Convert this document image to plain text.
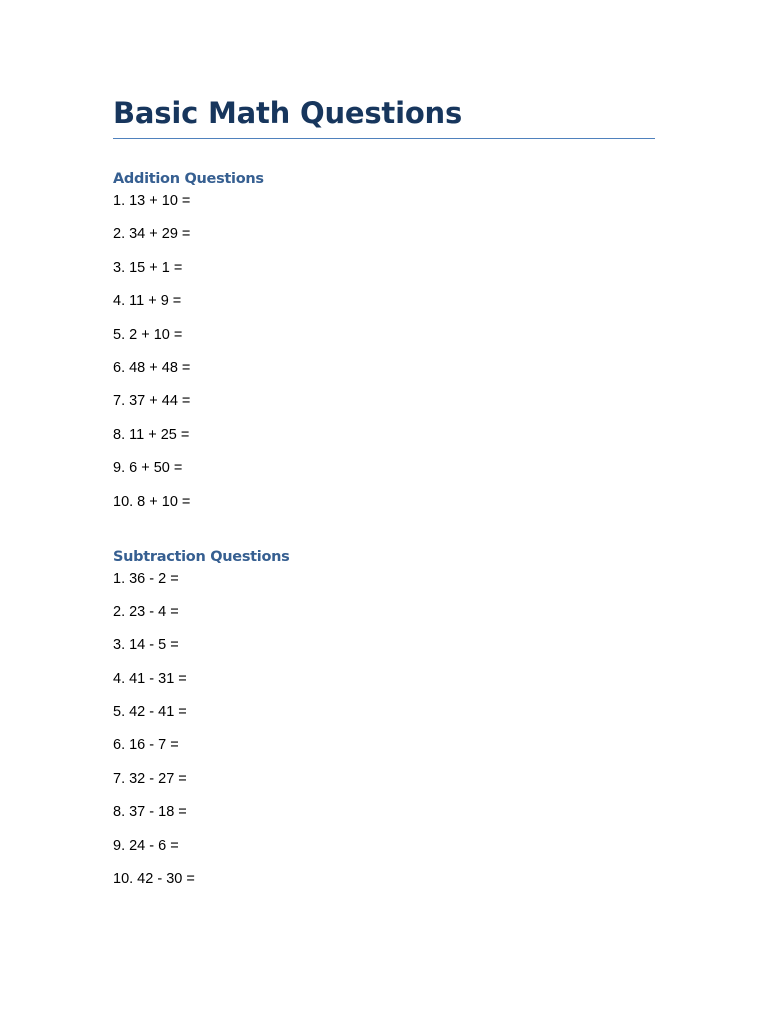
Basic Math Questions
Addition Questions
1. 13 + 10 =
2. 34 + 29 =
3. 15 + 1 =
4. 11 + 9 =
5. 2 + 10 =
6. 48 + 48 =
7. 37 + 44 =
8. 11 + 25 =
9. 6 + 50 =
10. 8 + 10 =
Subtraction Questions
1. 36 - 2 =
2. 23 - 4 =
3. 14 - 5 =
4. 41 - 31 =
5. 42 - 41 =
6. 16 - 7 =
7. 32 - 27 =
8. 37 - 18 =
9. 24 - 6 =
10. 42 - 30 =
